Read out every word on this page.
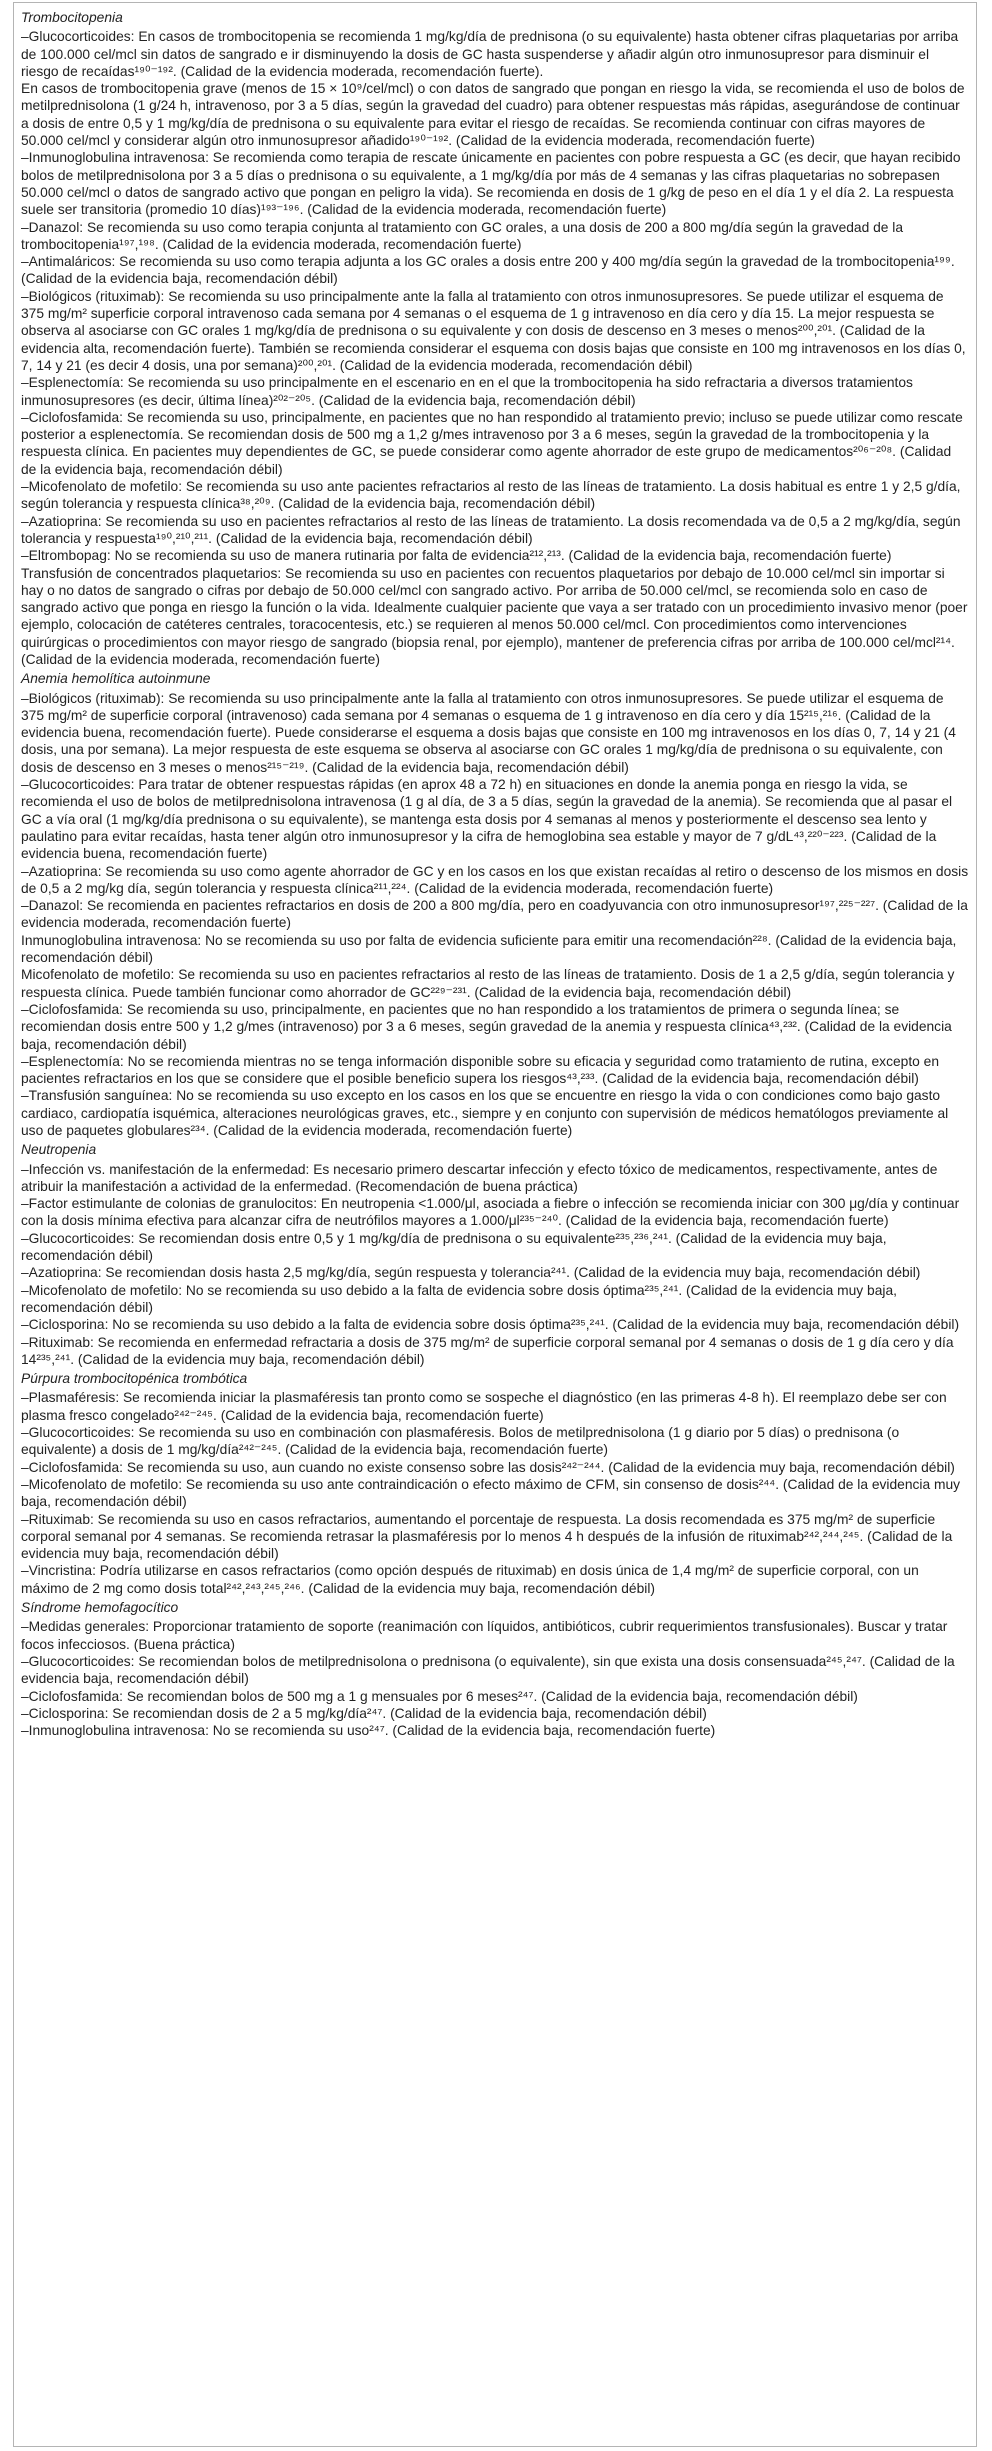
Trombocitopenia

–Glucocorticoides: En casos de trombocitopenia se recomienda 1 mg/kg/día de prednisona (o su equivalente) hasta obtener cifras plaquetarias por arriba de 100.000 cel/mcl sin datos de sangrado e ir disminuyendo la dosis de GC hasta suspenderse y añadir algún otro inmunosupresor para disminuir el riesgo de recaídas¹⁹⁰⁻¹⁹². (Calidad de la evidencia moderada, recomendación fuerte).

En casos de trombocitopenia grave (menos de 15 × 10⁹/cel/mcl) o con datos de sangrado que pongan en riesgo la vida, se recomienda el uso de bolos de metilprednisolona (1 g/24 h, intravenoso, por 3 a 5 días, según la gravedad del cuadro) para obtener respuestas más rápidas, asegurándose de continuar a dosis de entre 0,5 y 1 mg/kg/día de prednisona o su equivalente para evitar el riesgo de recaídas. Se recomienda continuar con cifras mayores de 50.000 cel/mcl y considerar algún otro inmunosupresor añadido¹⁹⁰⁻¹⁹². (Calidad de la evidencia moderada, recomendación fuerte)

–Inmunoglobulina intravenosa: Se recomienda como terapia de rescate únicamente en pacientes con pobre respuesta a GC (es decir, que hayan recibido bolos de metilprednisolona por 3 a 5 días o prednisona o su equivalente, a 1 mg/kg/día por más de 4 semanas y las cifras plaquetarias no sobrepasen 50.000 cel/mcl o datos de sangrado activo que pongan en peligro la vida). Se recomienda en dosis de 1 g/kg de peso en el día 1 y el día 2. La respuesta suele ser transitoria (promedio 10 días)¹⁹³⁻¹⁹⁶. (Calidad de la evidencia moderada, recomendación fuerte)

–Danazol: Se recomienda su uso como terapia conjunta al tratamiento con GC orales, a una dosis de 200 a 800 mg/día según la gravedad de la trombocitopenia¹⁹⁷,¹⁹⁸. (Calidad de la evidencia moderada, recomendación fuerte)

–Antimaláricos: Se recomienda su uso como terapia adjunta a los GC orales a dosis entre 200 y 400 mg/día según la gravedad de la trombocitopenia¹⁹⁹. (Calidad de la evidencia baja, recomendación débil)

–Biológicos (rituximab): Se recomienda su uso principalmente ante la falla al tratamiento con otros inmunosupresores. Se puede utilizar el esquema de 375 mg/m² superficie corporal intravenoso cada semana por 4 semanas o el esquema de 1 g intravenoso en día cero y día 15. La mejor respuesta se observa al asociarse con GC orales 1 mg/kg/día de prednisona o su equivalente y con dosis de descenso en 3 meses o menos²⁰⁰,²⁰¹. (Calidad de la evidencia alta, recomendación fuerte). También se recomienda considerar el esquema con dosis bajas que consiste en 100 mg intravenosos en los días 0, 7, 14 y 21 (es decir 4 dosis, una por semana)²⁰⁰,²⁰¹. (Calidad de la evidencia moderada, recomendación débil)

–Esplenectomía: Se recomienda su uso principalmente en el escenario en en el que la trombocitopenia ha sido refractaria a diversos tratamientos inmunosupresores (es decir, última línea)²⁰²⁻²⁰⁵. (Calidad de la evidencia baja, recomendación débil)

–Ciclofosfamida: Se recomienda su uso, principalmente, en pacientes que no han respondido al tratamiento previo; incluso se puede utilizar como rescate posterior a esplenectomía. Se recomiendan dosis de 500 mg a 1,2 g/mes intravenoso por 3 a 6 meses, según la gravedad de la trombocitopenia y la respuesta clínica. En pacientes muy dependientes de GC, se puede considerar como agente ahorrador de este grupo de medicamentos²⁰⁶⁻²⁰⁸. (Calidad de la evidencia baja, recomendación débil)

–Micofenolato de mofetilo: Se recomienda su uso ante pacientes refractarios al resto de las líneas de tratamiento. La dosis habitual es entre 1 y 2,5 g/día, según tolerancia y respuesta clínica³⁸,²⁰⁹. (Calidad de la evidencia baja, recomendación débil)

–Azatioprina: Se recomienda su uso en pacientes refractarios al resto de las líneas de tratamiento. La dosis recomendada va de 0,5 a 2 mg/kg/día, según tolerancia y respuesta¹⁹⁰,²¹⁰,²¹¹. (Calidad de la evidencia baja, recomendación débil)

–Eltrombopag: No se recomienda su uso de manera rutinaria por falta de evidencia²¹²,²¹³. (Calidad de la evidencia baja, recomendación fuerte)

Transfusión de concentrados plaquetarios: Se recomienda su uso en pacientes con recuentos plaquetarios por debajo de 10.000 cel/mcl sin importar si hay o no datos de sangrado o cifras por debajo de 50.000 cel/mcl con sangrado activo. Por arriba de 50.000 cel/mcl, se recomienda solo en caso de sangrado activo que ponga en riesgo la función o la vida. Idealmente cualquier paciente que vaya a ser tratado con un procedimiento invasivo menor (poer ejemplo, colocación de catéteres centrales, toracocentesis, etc.) se requieren al menos 50.000 cel/mcl. Con procedimientos como intervenciones quirúrgicas o procedimientos con mayor riesgo de sangrado (biopsia renal, por ejemplo), mantener de preferencia cifras por arriba de 100.000 cel/mcl²¹⁴. (Calidad de la evidencia moderada, recomendación fuerte)

Anemia hemolítica autoinmune

–Biológicos (rituximab): Se recomienda su uso principalmente ante la falla al tratamiento con otros inmunosupresores. Se puede utilizar el esquema de 375 mg/m² de superficie corporal (intravenoso) cada semana por 4 semanas o esquema de 1 g intravenoso en día cero y día 15²¹⁵,²¹⁶. (Calidad de la evidencia buena, recomendación fuerte). Puede considerarse el esquema a dosis bajas que consiste en 100 mg intravenosos en los días 0, 7, 14 y 21 (4 dosis, una por semana). La mejor respuesta de este esquema se observa al asociarse con GC orales 1 mg/kg/día de prednisona o su equivalente, con dosis de descenso en 3 meses o menos²¹⁵⁻²¹⁹. (Calidad de la evidencia baja, recomendación débil)

–Glucocorticoides: Para tratar de obtener respuestas rápidas (en aprox 48 a 72 h) en situaciones en donde la anemia ponga en riesgo la vida, se recomienda el uso de bolos de metilprednisolona intravenosa (1 g al día, de 3 a 5 días, según la gravedad de la anemia). Se recomienda que al pasar el GC a vía oral (1 mg/kg/día prednisona o su equivalente), se mantenga esta dosis por 4 semanas al menos y posteriormente el descenso sea lento y paulatino para evitar recaídas, hasta tener algún otro inmunosupresor y la cifra de hemoglobina sea estable y mayor de 7 g/dL⁴³,²²⁰⁻²²³. (Calidad de la evidencia buena, recomendación fuerte)

–Azatioprina: Se recomienda su uso como agente ahorrador de GC y en los casos en los que existan recaídas al retiro o descenso de los mismos en dosis de 0,5 a 2 mg/kg día, según tolerancia y respuesta clínica²¹¹,²²⁴. (Calidad de la evidencia moderada, recomendación fuerte)

–Danazol: Se recomienda en pacientes refractarios en dosis de 200 a 800 mg/día, pero en coadyuvancia con otro inmunosupresor¹⁹⁷,²²⁵⁻²²⁷. (Calidad de la evidencia moderada, recomendación fuerte)

Inmunoglobulina intravenosa: No se recomienda su uso por falta de evidencia suficiente para emitir una recomendación²²⁸. (Calidad de la evidencia baja, recomendación débil)

Micofenolato de mofetilo: Se recomienda su uso en pacientes refractarios al resto de las líneas de tratamiento. Dosis de 1 a 2,5 g/día, según tolerancia y respuesta clínica. Puede también funcionar como ahorrador de GC²²⁹⁻²³¹. (Calidad de la evidencia baja, recomendación débil)

–Ciclofosfamida: Se recomienda su uso, principalmente, en pacientes que no han respondido a los tratamientos de primera o segunda línea; se recomiendan dosis entre 500 y 1,2 g/mes (intravenoso) por 3 a 6 meses, según gravedad de la anemia y respuesta clínica⁴³,²³². (Calidad de la evidencia baja, recomendación débil)

–Esplenectomía: No se recomienda mientras no se tenga información disponible sobre su eficacia y seguridad como tratamiento de rutina, excepto en pacientes refractarios en los que se considere que el posible beneficio supera los riesgos⁴³,²³³. (Calidad de la evidencia baja, recomendación débil)

–Transfusión sanguínea: No se recomienda su uso excepto en los casos en los que se encuentre en riesgo la vida o con condiciones como bajo gasto cardiaco, cardiopatía isquémica, alteraciones neurológicas graves, etc., siempre y en conjunto con supervisión de médicos hematólogos previamente al uso de paquetes globulares²³⁴. (Calidad de la evidencia moderada, recomendación fuerte)

Neutropenia

–Infección vs. manifestación de la enfermedad: Es necesario primero descartar infección y efecto tóxico de medicamentos, respectivamente, antes de atribuir la manifestación a actividad de la enfermedad. (Recomendación de buena práctica)

–Factor estimulante de colonias de granulocitos: En neutropenia <1.000/μl, asociada a fiebre o infección se recomienda iniciar con 300 μg/día y continuar con la dosis mínima efectiva para alcanzar cifra de neutrófilos mayores a 1.000/μl²³⁵⁻²⁴⁰. (Calidad de la evidencia baja, recomendación fuerte)

–Glucocorticoides: Se recomiendan dosis entre 0,5 y 1 mg/kg/día de prednisona o su equivalente²³⁵,²³⁶,²⁴¹. (Calidad de la evidencia muy baja, recomendación débil)

–Azatioprina: Se recomiendan dosis hasta 2,5 mg/kg/día, según respuesta y tolerancia²⁴¹. (Calidad de la evidencia muy baja, recomendación débil)

–Micofenolato de mofetilo: No se recomienda su uso debido a la falta de evidencia sobre dosis óptima²³⁵,²⁴¹. (Calidad de la evidencia muy baja, recomendación débil)

–Ciclosporina: No se recomienda su uso debido a la falta de evidencia sobre dosis óptima²³⁵,²⁴¹. (Calidad de la evidencia muy baja, recomendación débil)

–Rituximab: Se recomienda en enfermedad refractaria a dosis de 375 mg/m² de superficie corporal semanal por 4 semanas o dosis de 1 g día cero y día 14²³⁵,²⁴¹. (Calidad de la evidencia muy baja, recomendación débil)

Púrpura trombocitopénica trombótica

–Plasmaféresis: Se recomienda iniciar la plasmaféresis tan pronto como se sospeche el diagnóstico (en las primeras 4-8 h). El reemplazo debe ser con plasma fresco congelado²⁴²⁻²⁴⁵. (Calidad de la evidencia baja, recomendación fuerte)

–Glucocorticoides: Se recomienda su uso en combinación con plasmaféresis. Bolos de metilprednisolona (1 g diario por 5 días) o prednisona (o equivalente) a dosis de 1 mg/kg/día²⁴²⁻²⁴⁵. (Calidad de la evidencia baja, recomendación fuerte)

–Ciclofosfamida: Se recomienda su uso, aun cuando no existe consenso sobre las dosis²⁴²⁻²⁴⁴. (Calidad de la evidencia muy baja, recomendación débil)

–Micofenolato de mofetilo: Se recomienda su uso ante contraindicación o efecto máximo de CFM, sin consenso de dosis²⁴⁴. (Calidad de la evidencia muy baja, recomendación débil)

–Rituximab: Se recomienda su uso en casos refractarios, aumentando el porcentaje de respuesta. La dosis recomendada es 375 mg/m² de superficie corporal semanal por 4 semanas. Se recomienda retrasar la plasmaféresis por lo menos 4 h después de la infusión de rituximab²⁴²,²⁴⁴,²⁴⁵. (Calidad de la evidencia muy baja, recomendación débil)

–Vincristina: Podría utilizarse en casos refractarios (como opción después de rituximab) en dosis única de 1,4 mg/m² de superficie corporal, con un máximo de 2 mg como dosis total²⁴²,²⁴³,²⁴⁵,²⁴⁶. (Calidad de la evidencia muy baja, recomendación débil)

Síndrome hemofagocítico

–Medidas generales: Proporcionar tratamiento de soporte (reanimación con líquidos, antibióticos, cubrir requerimientos transfusionales). Buscar y tratar focos infecciosos. (Buena práctica)

–Glucocorticoides: Se recomiendan bolos de metilprednisolona o prednisona (o equivalente), sin que exista una dosis consensuada²⁴⁵,²⁴⁷. (Calidad de la evidencia baja, recomendación débil)

–Ciclofosfamida: Se recomiendan bolos de 500 mg a 1 g mensuales por 6 meses²⁴⁷. (Calidad de la evidencia baja, recomendación débil)

–Ciclosporina: Se recomiendan dosis de 2 a 5 mg/kg/día²⁴⁷. (Calidad de la evidencia baja, recomendación débil)

–Inmunoglobulina intravenosa: No se recomienda su uso²⁴⁷. (Calidad de la evidencia baja, recomendación fuerte)
